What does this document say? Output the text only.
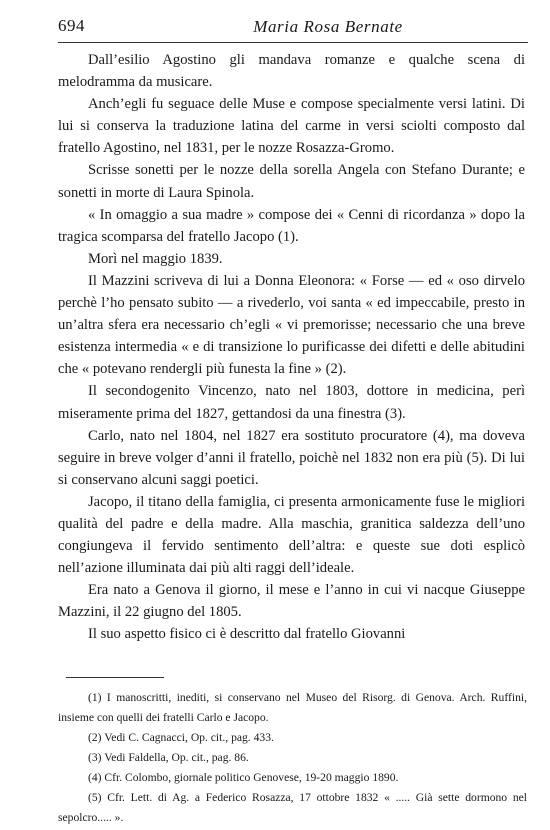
694	Maria Rosa Bernate

Dall’esilio Agostino gli mandava romanze e qualche scena di melodramma da musicare.

Anch’egli fu seguace delle Muse e compose specialmente versi latini. Di lui si conserva la traduzione latina del carme in versi sciolti composto dal fratello Agostino, nel 1831, per le nozze Rosazza-Gromo.

Scrisse sonetti per le nozze della sorella Angela con Stefano Durante; e sonetti in morte di Laura Spinola.

« In omaggio a sua madre » compose dei « Cenni di ricordanza » dopo la tragica scomparsa del fratello Jacopo (1).

Morì nel maggio 1839.

Il Mazzini scriveva di lui a Donna Eleonora: « Forse — ed « oso dirvelo perchè l’ho pensato subito — a rivederlo, voi santa « ed impeccabile, presto in un’altra sfera era necessario ch’egli « vi premorisse; necessario che una breve esistenza intermedia « e di transizione lo purificasse dei difetti e delle abitudini che « potevano rendergli più funesta la fine » (2).

Il secondogenito Vincenzo, nato nel 1803, dottore in medicina, perì miseramente prima del 1827, gettandosi da una finestra (3).

Carlo, nato nel 1804, nel 1827 era sostituto procuratore (4), ma doveva seguire in breve volger d’anni il fratello, poichè nel 1832 non era più (5). Di lui si conservano alcuni saggi poetici.

Jacopo, il titano della famiglia, ci presenta armonicamente fuse le migliori qualità del padre e della madre. Alla maschia, granitica saldezza dell’uno congiungeva il fervido sentimento dell’altra: e queste sue doti esplicò nell’azione illuminata dai più alti raggi dell’ideale.

Era nato a Genova il giorno, il mese e l’anno in cui vi nacque Giuseppe Mazzini, il 22 giugno del 1805.

Il suo aspetto fisico ci è descritto dal fratello Giovanni

(1) I manoscritti, inediti, si conservano nel Museo del Risorg. di Genova. Arch. Ruffini, insieme con quelli dei fratelli Carlo e Jacopo.

(2) Vedi C. Cagnacci, Op. cit., pag. 433.

(3) Vedi Faldella, Op. cit., pag. 86.

(4) Cfr. Colombo, giornale politico Genovese, 19-20 maggio 1890.

(5) Cfr. Lett. di Ag. a Federico Rosazza, 17 ottobre 1832 « ..... Già sette dormono nel sepolcro..... ».
